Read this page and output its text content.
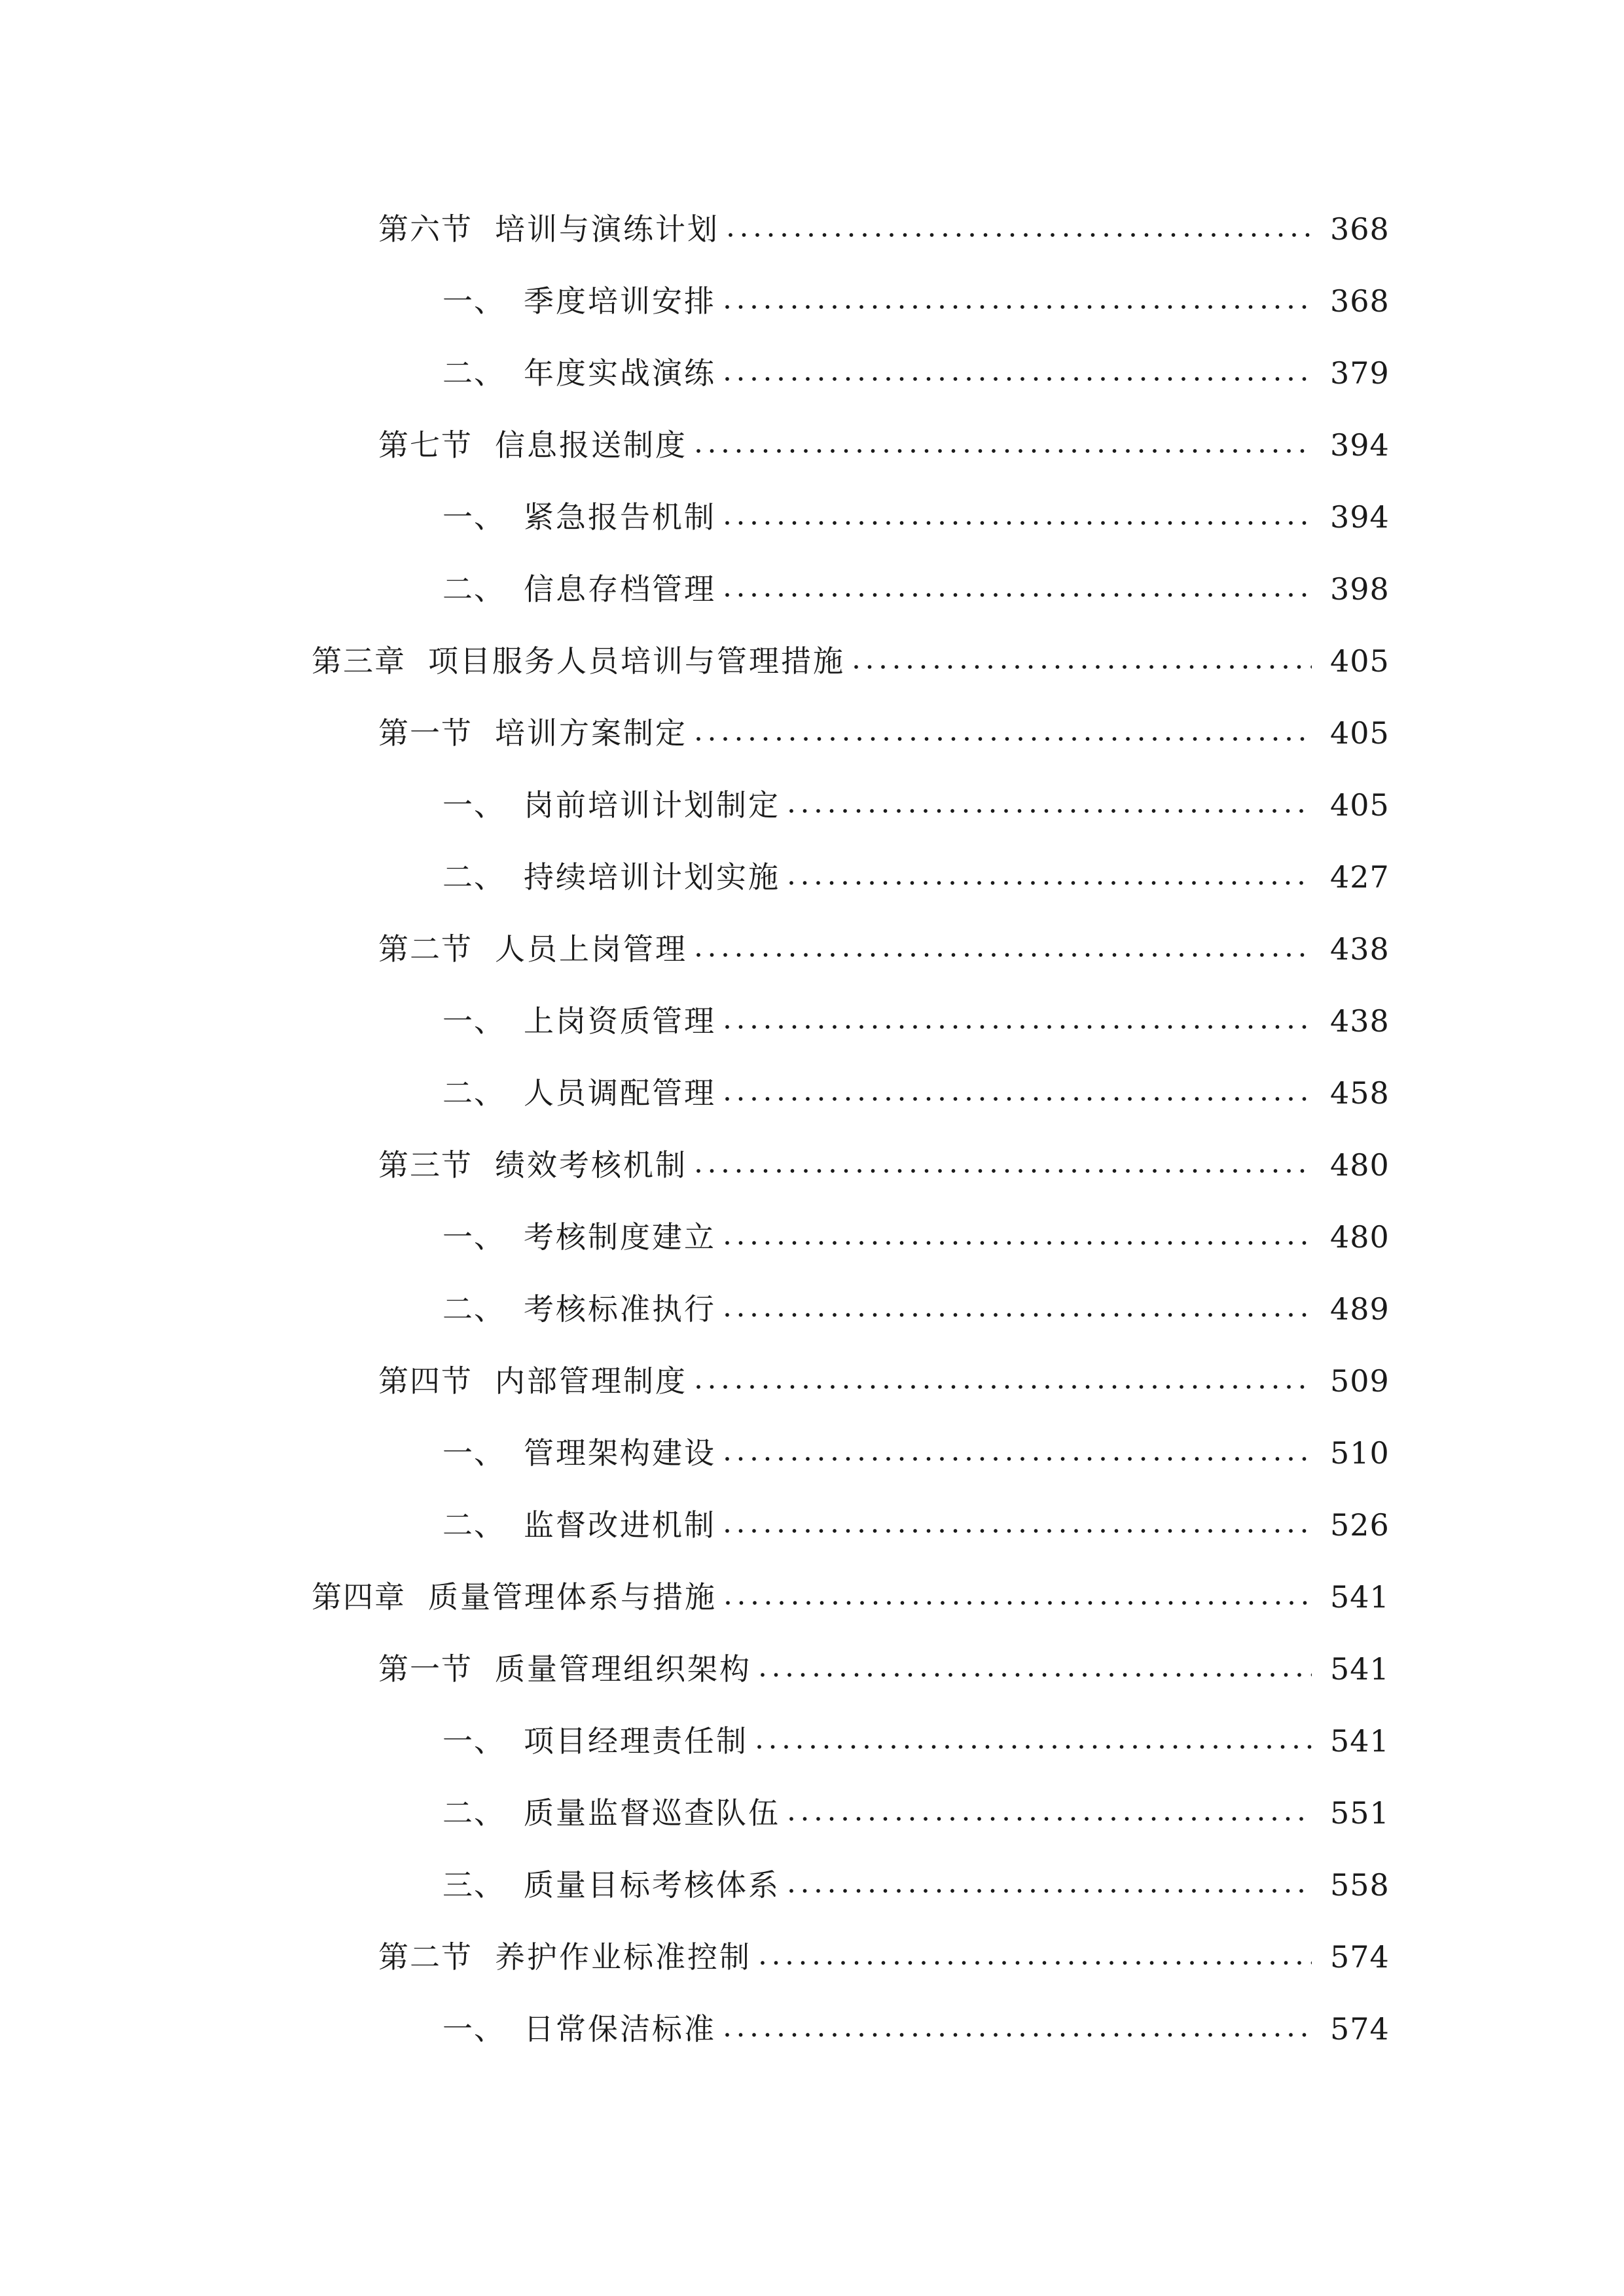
第六节 培训与演练计划	368
一、 季度培训安排	368
二、 年度实战演练	379
第七节 信息报送制度	394
一、 紧急报告机制	394
二、 信息存档管理	398
第三章 项目服务人员培训与管理措施	405
第一节 培训方案制定	405
一、 岗前培训计划制定	405
二、 持续培训计划实施	427
第二节 人员上岗管理	438
一、 上岗资质管理	438
二、 人员调配管理	458
第三节 绩效考核机制	480
一、 考核制度建立	480
二、 考核标准执行	489
第四节 内部管理制度	509
一、 管理架构建设	510
二、 监督改进机制	526
第四章 质量管理体系与措施	541
第一节 质量管理组织架构	541
一、 项目经理责任制	541
二、 质量监督巡查队伍	551
三、 质量目标考核体系	558
第二节 养护作业标准控制	574
一、 日常保洁标准	574
